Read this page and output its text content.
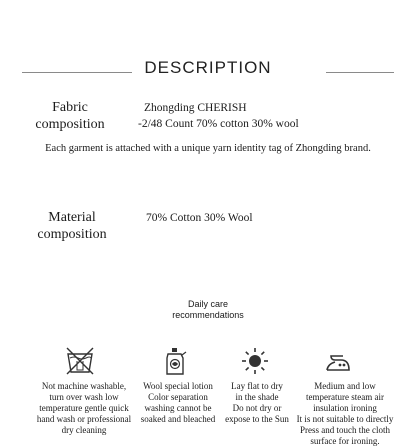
DESCRIPTION
Fabric
composition
Zhongding CHERISH
-2/48 Count 70% cotton 30% wool
Each garment is attached with a unique yarn identity tag of Zhongding brand.
Material
composition
70% Cotton 30% Wool
Daily care
recommendations
Not machine washable,
turn over wash low
temperature gentle quick
hand wash or professional
dry cleaning
Wool special lotion
Color separation
washing cannot be
soaked and bleached
Lay flat to dry
in the shade
Do not dry or
expose to the Sun
Medium and low
temperature steam air
insulation ironing
It is not suitable to directly
Press and touch the cloth
surface for ironing.
